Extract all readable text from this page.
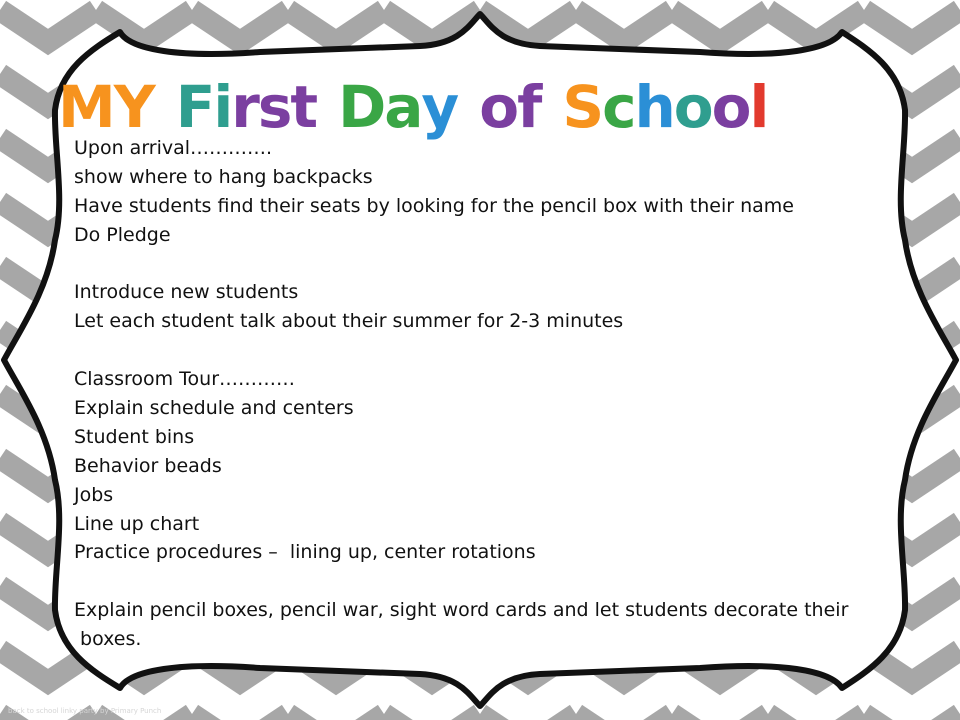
MY First Day of School
Upon arrival………….
show where to hang backpacks
Have students find their seats by looking for the pencil box with their name
Do Pledge
Introduce new students
Let each student talk about their summer for 2-3 minutes
Classroom Tour…………
Explain schedule and centers
Student bins
Behavior beads
Jobs
Line up chart
Practice procedures –  lining up, center rotations
Explain pencil boxes, pencil war, sight word cards and let students decorate their
boxes.
back to school linky party by Primary Punch
